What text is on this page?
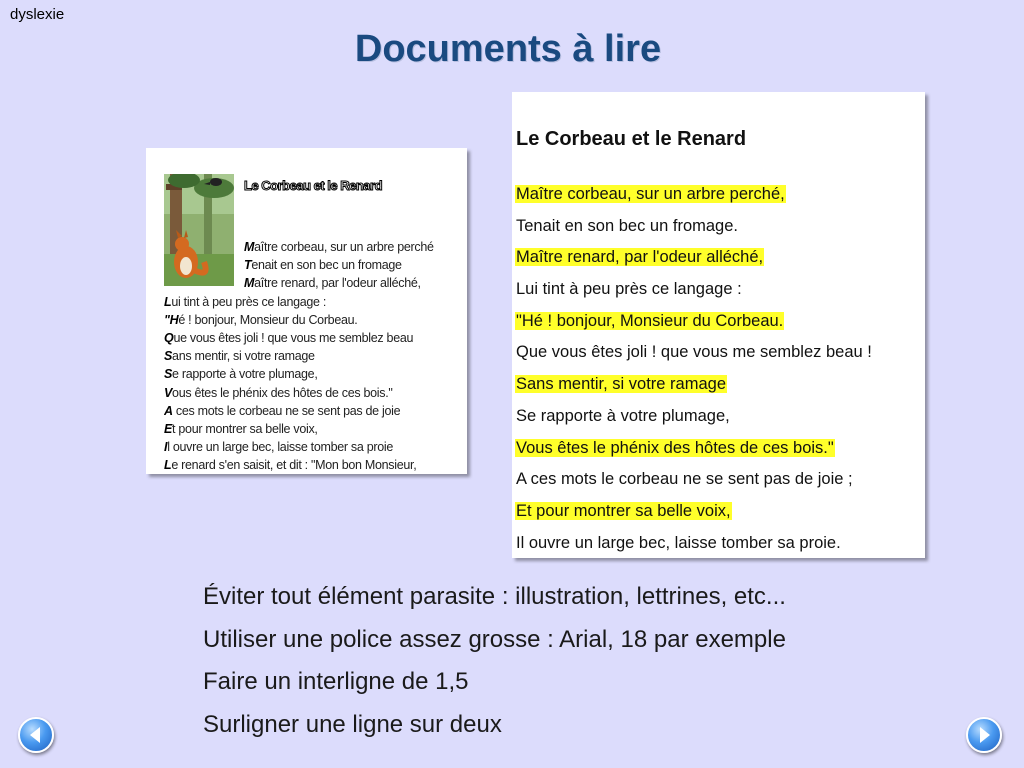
dyslexie
Documents à lire
Le Corbeau et le Renard
Maître corbeau, sur un arbre perché
Tenait en son bec un fromage
Maître renard, par l'odeur alléché,
Lui tint à peu près ce langage :
"Hé ! bonjour, Monsieur du Corbeau.
Que vous êtes joli ! que vous me semblez beau
Sans mentir, si votre ramage
Se rapporte à votre plumage,
Vous êtes le phénix des hôtes de ces bois."
A ces mots le corbeau ne se sent pas de joie
Et pour montrer sa belle voix,
Il ouvre un large bec, laisse tomber sa proie
Le renard s'en saisit, et dit : "Mon bon Monsieur,
Le Corbeau et le Renard
Maître corbeau, sur un arbre perché,
Tenait en son bec un fromage.
Maître renard, par l'odeur alléché,
Lui tint à peu près ce langage :
"Hé ! bonjour, Monsieur du Corbeau.
Que vous êtes joli ! que vous me semblez beau !
Sans mentir, si votre ramage
Se rapporte à votre plumage,
Vous êtes le phénix des hôtes de ces bois."
A ces mots le corbeau ne se sent pas de joie ;
Et pour montrer sa belle voix,
Il ouvre un large bec, laisse tomber sa proie.
Éviter tout élément parasite : illustration, lettrines, etc...
Utiliser une police assez grosse : Arial, 18 par exemple
Faire un interligne de 1,5
Surligner une ligne sur deux
